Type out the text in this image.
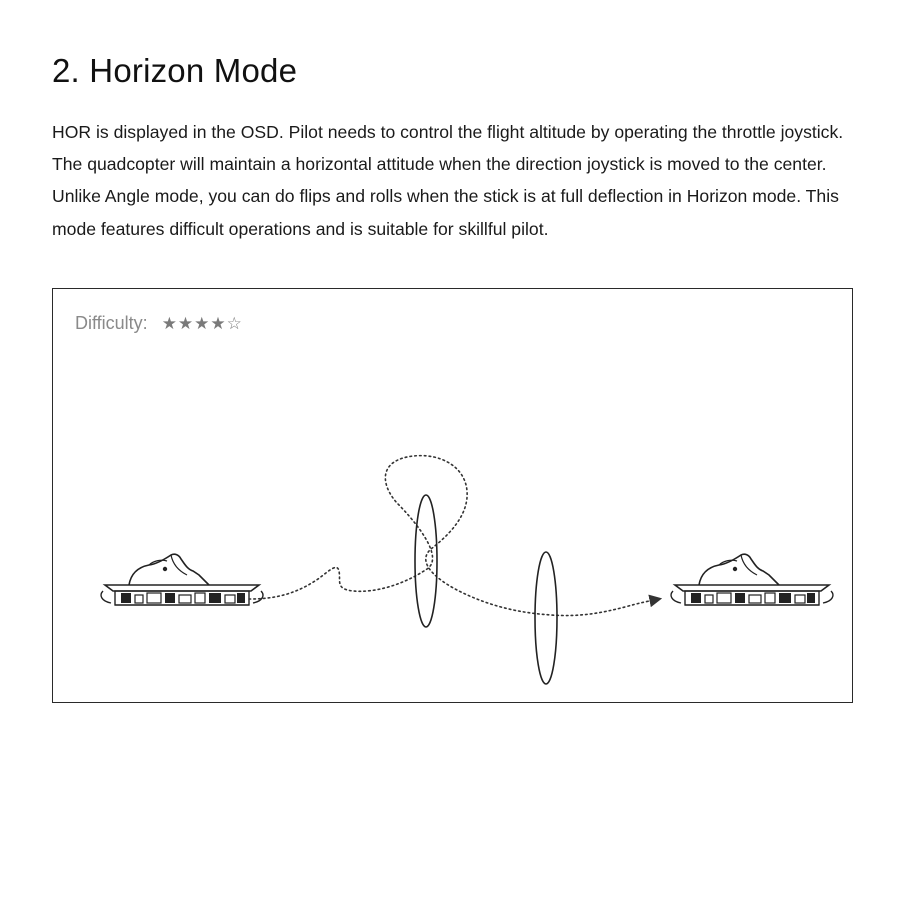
2. Horizon Mode

HOR is displayed in the OSD. Pilot needs to control the flight altitude by operating the throttle joystick. The quadcopter will maintain a horizontal attitude when the direction joystick is moved to the center. Unlike Angle mode, you can do flips and rolls when the stick is at full deflection in Horizon mode. This mode features difficult operations and is suitable for skillful pilot.

Difficulty: ★★★★☆
